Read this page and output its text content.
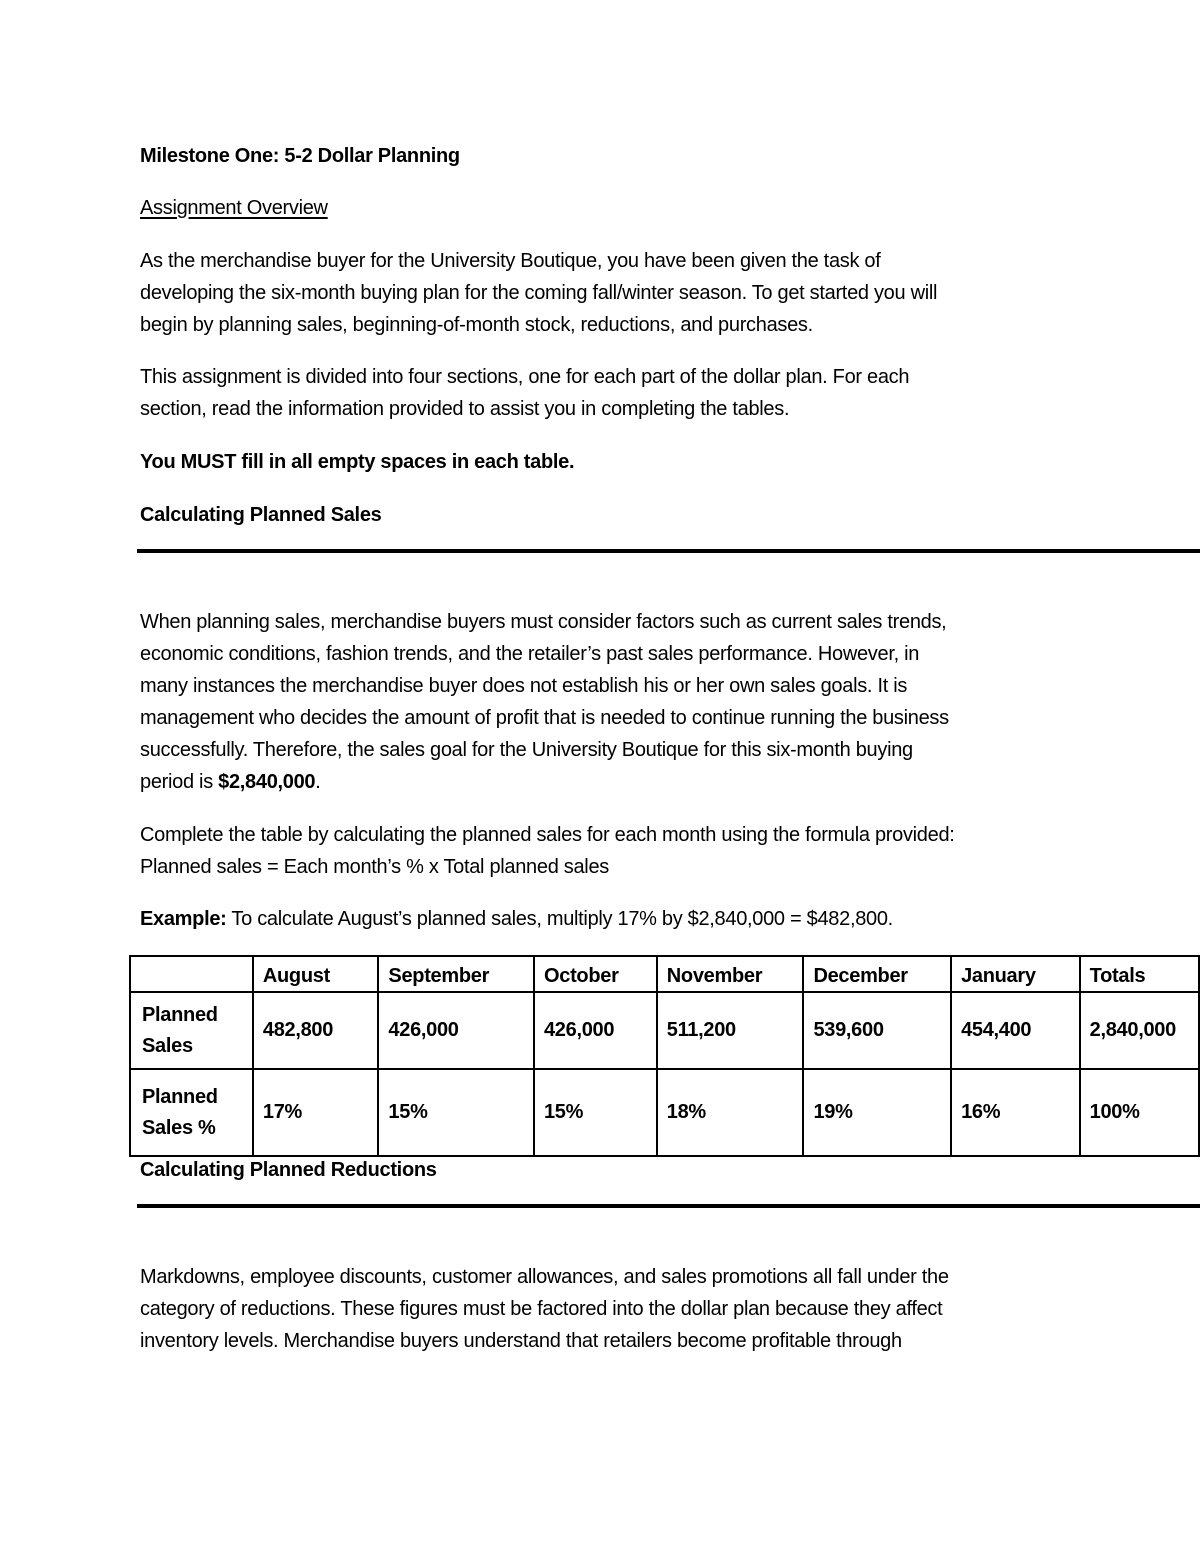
Milestone One: 5-2 Dollar Planning
Assignment Overview
As the merchandise buyer for the University Boutique, you have been given the task of
developing the six-month buying plan for the coming fall/winter season. To get started you will
begin by planning sales, beginning-of-month stock, reductions, and purchases.
This assignment is divided into four sections, one for each part of the dollar plan. For each
section, read the information provided to assist you in completing the tables.
You MUST fill in all empty spaces in each table.
Calculating Planned Sales
When planning sales, merchandise buyers must consider factors such as current sales trends,
economic conditions, fashion trends, and the retailer’s past sales performance. However, in
many instances the merchandise buyer does not establish his or her own sales goals. It is
management who decides the amount of profit that is needed to continue running the business
successfully. Therefore, the sales goal for the University Boutique for this six-month buying
period is $2,840,000.
Complete the table by calculating the planned sales for each month using the formula provided:
Planned sales = Each month’s % x Total planned sales
Example: To calculate August’s planned sales, multiply 17% by $2,840,000 = $482,800.
	August	September	October	November	December	January	Totals
Planned
Sales	482,800	426,000	426,000	511,200	539,600	454,400	2,840,000
Planned
Sales %	17%	15%	15%	18%	19%	16%	100%
Calculating Planned Reductions
Markdowns, employee discounts, customer allowances, and sales promotions all fall under the
category of reductions. These figures must be factored into the dollar plan because they affect
inventory levels. Merchandise buyers understand that retailers become profitable through
